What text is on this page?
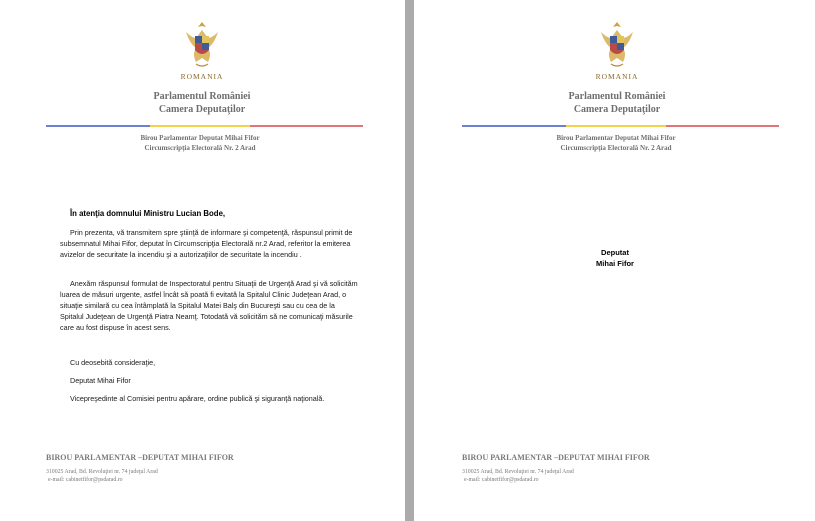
ROMANIA
Parlamentul României
Camera Deputaţilor
Birou Parlamentar Deputat Mihai Fifor
Circumscripţia Electorală Nr. 2 Arad
În atenţia domnului Ministru Lucian Bode,

Prin prezenta, vă transmitem spre ştiinţă de informare şi competenţă, răspunsul primit de subsemnatul Mihai Fifor, deputat în Circumscripţia Electorală nr.2 Arad, referitor la emiterea avizelor de securitate la incendiu şi a autorizaţiilor de securitate la incendiu .

Anexăm răspunsul formulat de Inspectoratul pentru Situaţii de Urgenţă Arad şi vă solicităm luarea de măsuri urgente, astfel încât să poată fi evitată la Spitalul Clinic Judeţean Arad, o situaţie similară cu cea întâmplată la Spitalul Matei Balş din Bucureşti sau cu cea de la Spitalul Judeţean de Urgenţă Piatra Neamţ. Totodată vă solicităm să ne comunicaţi măsurile care au fost dispuse în acest sens.

Cu deosebită consideraţie,
Deputat Mihai Fifor
Vicepreşedinte al Comisiei pentru apărare, ordine publică şi siguranţă naţională.
BIROU PARLAMENTAR –DEPUTAT MIHAI FIFOR
310025 Arad, Bd. Revoluţiei nr. 74 judeţul Arad
e-mail: cabinetfifor@psdarad.ro
ROMANIA
Parlamentul României
Camera Deputaţilor
Birou Parlamentar Deputat Mihai Fifor
Circumscripţia Electorală Nr. 2 Arad
Deputat
Mihai Fifor
BIROU PARLAMENTAR –DEPUTAT MIHAI FIFOR
310025 Arad, Bd. Revoluţiei nr. 74 judeţul Arad
e-mail: cabinetfifor@psdarad.ro
